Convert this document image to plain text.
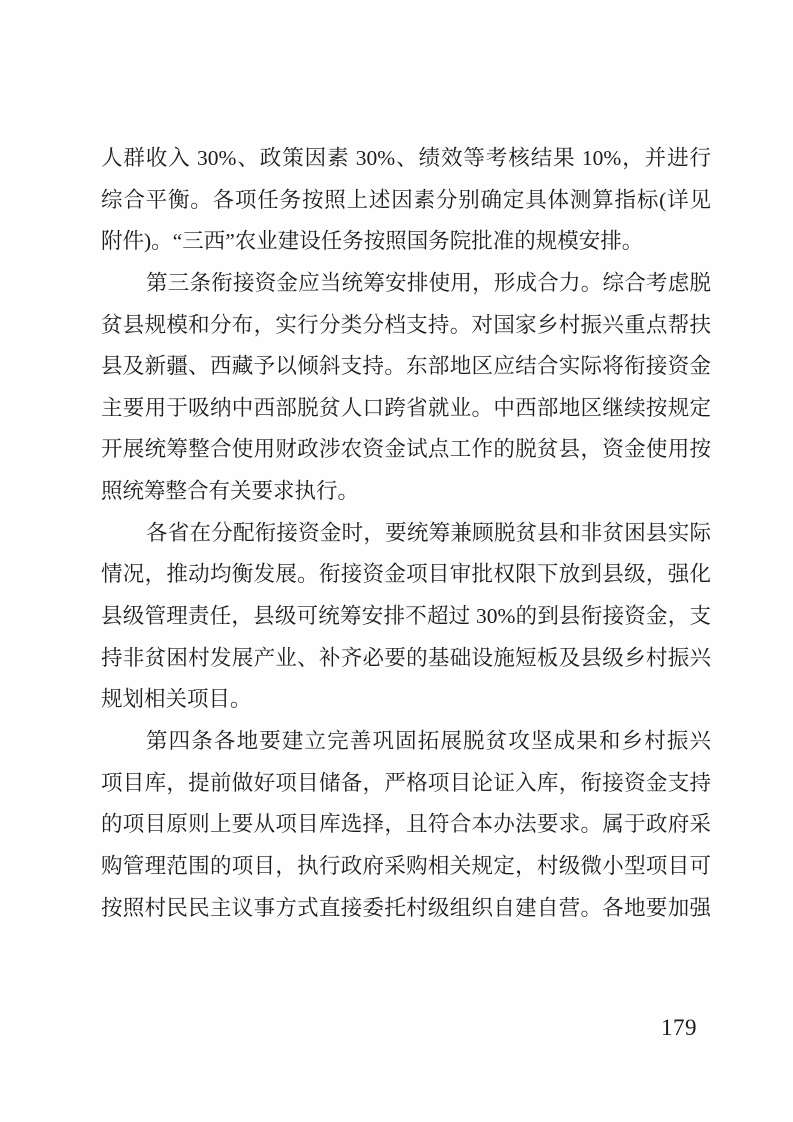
人群收入 30%、政策因素 30%、绩效等考核结果 10%，并进行
综合平衡。各项任务按照上述因素分别确定具体测算指标(详见
附件)。“三西”农业建设任务按照国务院批准的规模安排。
第三条衔接资金应当统筹安排使用，形成合力。综合考虑脱
贫县规模和分布，实行分类分档支持。对国家乡村振兴重点帮扶
县及新疆、西藏予以倾斜支持。东部地区应结合实际将衔接资金
主要用于吸纳中西部脱贫人口跨省就业。中西部地区继续按规定
开展统筹整合使用财政涉农资金试点工作的脱贫县，资金使用按
照统筹整合有关要求执行。
各省在分配衔接资金时，要统筹兼顾脱贫县和非贫困县实际
情况，推动均衡发展。衔接资金项目审批权限下放到县级，强化
县级管理责任，县级可统筹安排不超过 30%的到县衔接资金，支
持非贫困村发展产业、补齐必要的基础设施短板及县级乡村振兴
规划相关项目。
第四条各地要建立完善巩固拓展脱贫攻坚成果和乡村振兴
项目库，提前做好项目储备，严格项目论证入库，衔接资金支持
的项目原则上要从项目库选择，且符合本办法要求。属于政府采
购管理范围的项目，执行政府采购相关规定，村级微小型项目可
按照村民民主议事方式直接委托村级组织自建自营。各地要加强
179
